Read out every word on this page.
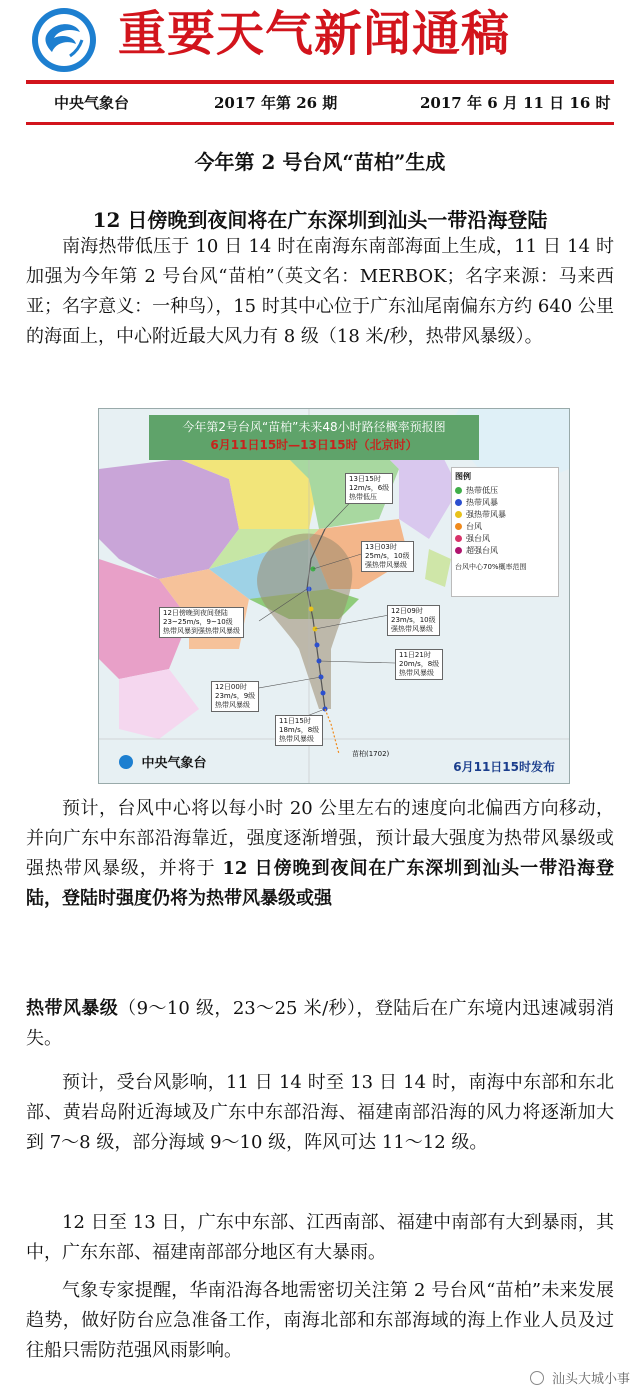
重要天气新闻通稿
中央气象台	2017 年第 26 期	2017 年 6 月 11 日 16 时
今年第 2 号台风“苗柏”生成
12 日傍晚到夜间将在广东深圳到汕头一带沿海登陆
南海热带低压于 10 日 14 时在南海东南部海面上生成，11 日 14 时加强为今年第 2 号台风“苗柏”（英文名：MERBOK；名字来源：马来西亚；名字意义：一种鸟），15 时其中心位于广东汕尾南偏东方约 640 公里的海面上，中心附近最大风力有 8 级（18 米/秒，热带风暴级）。
今年第2号台风“苗柏”未来48小时路径概率预报图
6月11日15时—13日15时（北京时）
图例
热带低压
热带风暴
强热带风暴
台风
强台风
超强台风
台风中心70%概率范围
13日15时
12m/s，6级
热带低压
13日03时
25m/s，10级
强热带风暴级
12日傍晚到夜间登陆
23~25m/s，9~10级
热带风暴到强热带风暴级
12日09时
23m/s，10级
强热带风暴级
11日21时
20m/s，8级
热带风暴级
12日00时
23m/s，9级
热带风暴级
11日15时
18m/s，8级
热带风暴级
苗柏(1702)
中央气象台	6月11日15时发布
预计，台风中心将以每小时 20 公里左右的速度向北偏西方向移动，并向广东中东部沿海靠近，强度逐渐增强，预计最大强度为热带风暴级或强热带风暴级，并将于 12 日傍晚到夜间在广东深圳到汕头一带沿海登陆，登陆时强度仍将为热带风暴级或强
热带风暴级（9～10 级，23～25 米/秒），登陆后在广东境内迅速减弱消失。
预计，受台风影响，11 日 14 时至 13 日 14 时，南海中东部和东北部、黄岩岛附近海域及广东中东部沿海、福建南部沿海的风力将逐渐加大到 7～8 级，部分海域 9～10 级，阵风可达 11～12 级。
12 日至 13 日，广东中东部、江西南部、福建中南部有大到暴雨，其中，广东东部、福建南部部分地区有大暴雨。
气象专家提醒，华南沿海各地需密切关注第 2 号台风“苗柏”未来发展趋势，做好防台应急准备工作，南海北部和东部海域的海上作业人员及过往船只需防范强风雨影响。
汕头大城小事
